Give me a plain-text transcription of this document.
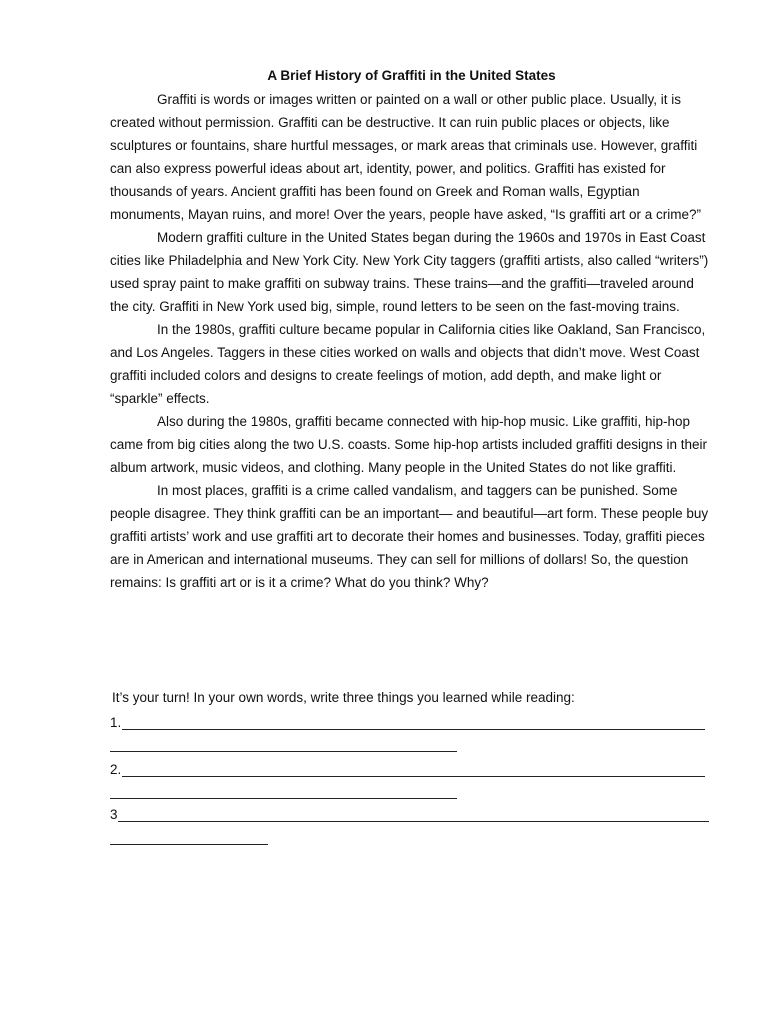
A Brief History of Graffiti in the United States

Graffiti is words or images written or painted on a wall or other public place. Usually, it is created without permission. Graffiti can be destructive. It can ruin public places or objects, like sculptures or fountains, share hurtful messages, or mark areas that criminals use. However, graffiti can also express powerful ideas about art, identity, power, and politics. Graffiti has existed for thousands of years. Ancient graffiti has been found on Greek and Roman walls, Egyptian monuments, Mayan ruins, and more! Over the years, people have asked, “Is graffiti art or a crime?”

Modern graffiti culture in the United States began during the 1960s and 1970s in East Coast cities like Philadelphia and New York City. New York City taggers (graffiti artists, also called “writers”) used spray paint to make graffiti on subway trains. These trains—and the graffiti—traveled around the city. Graffiti in New York used big, simple, round letters to be seen on the fast-moving trains.

In the 1980s, graffiti culture became popular in California cities like Oakland, San Francisco, and Los Angeles. Taggers in these cities worked on walls and objects that didn’t move. West Coast graffiti included colors and designs to create feelings of motion, add depth, and make light or “sparkle” effects.

Also during the 1980s, graffiti became connected with hip-hop music. Like graffiti, hip-hop came from big cities along the two U.S. coasts. Some hip-hop artists included graffiti designs in their album artwork, music videos, and clothing. Many people in the United States do not like graffiti.

In most places, graffiti is a crime called vandalism, and taggers can be punished. Some people disagree. They think graffiti can be an important— and beautiful—art form. These people buy graffiti artists’ work and use graffiti art to decorate their homes and businesses. Today, graffiti pieces are in American and international museums. They can sell for millions of dollars! So, the question remains: Is graffiti art or is it a crime? What do you think? Why?

It’s your turn! In your own words, write three things you learned while reading:
1.
2.
3
